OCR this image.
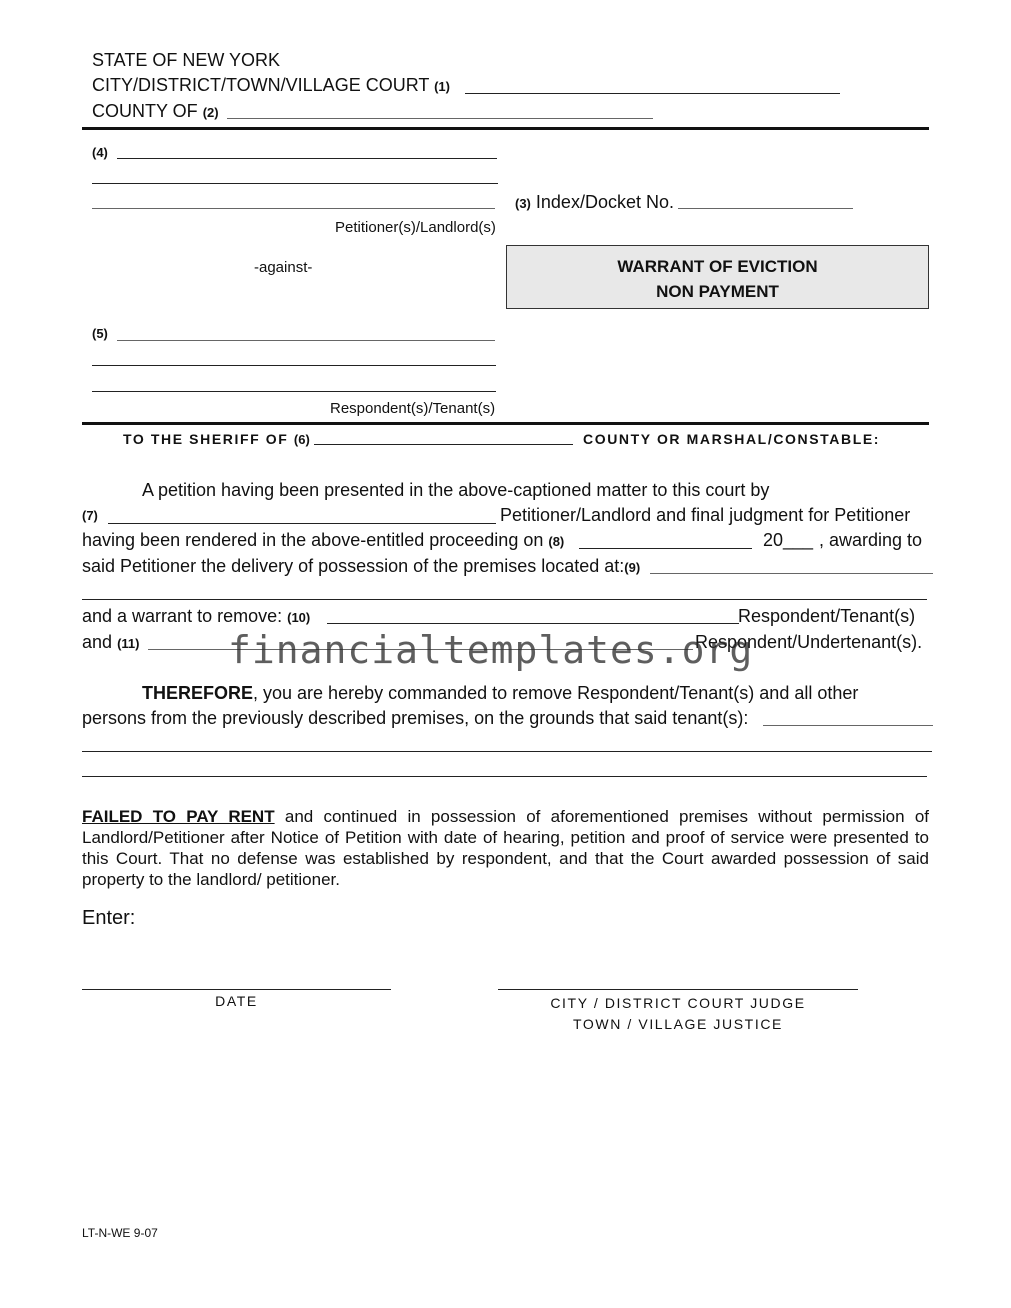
STATE OF NEW YORK
CITY/DISTRICT/TOWN/VILLAGE COURT (1)
COUNTY OF (2)
(4)
Petitioner(s)/Landlord(s)
(3) Index/Docket No.
-against-	WARRANT OF EVICTION
NON PAYMENT
(5)
Respondent(s)/Tenant(s)
TO THE SHERIFF OF (6)	COUNTY OR MARSHAL/CONSTABLE:
A petition having been presented in the above-captioned matter to this court by
(7)	Petitioner/Landlord and final judgment for Petitioner
having been rendered in the above-entitled proceeding on (8)	20___ , awarding to
said Petitioner the delivery of possession of the premises located at:(9)
and a warrant to remove: (10)	Respondent/Tenant(s)
and (11)	Respondent/Undertenant(s).
financialtemplates.org
THEREFORE, you are hereby commanded to remove Respondent/Tenant(s) and all other
persons from the previously described premises, on the grounds that said tenant(s):
FAILED TO PAY RENT and continued in possession of aforementioned premises without permission of Landlord/Petitioner after Notice of Petition with date of hearing, petition and proof of service were presented to this Court. That no defense was established by respondent, and that the Court awarded possession of said property to the landlord/ petitioner.
Enter:
DATE	CITY / DISTRICT COURT JUDGE
TOWN / VILLAGE JUSTICE
LT-N-WE 9-07
